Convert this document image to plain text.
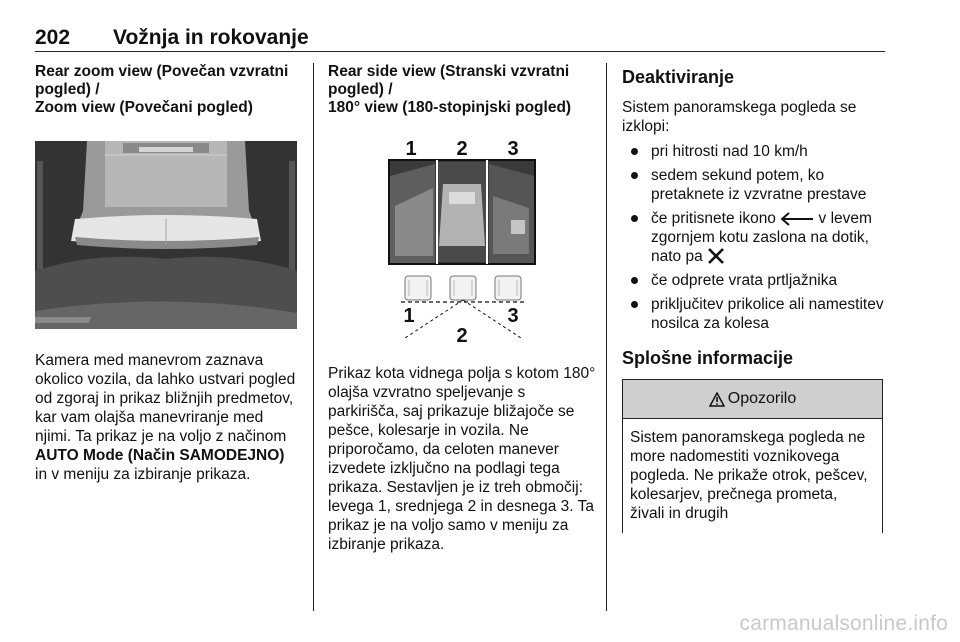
202 Vožnja in rokovanje

Rear zoom view (Povečan vzvratni pogled) /
Zoom view (Povečani pogled)

Kamera med manevrom zaznava okolico vozila, da lahko ustvari pogled od zgoraj in prikaz bližnjih predmetov, kar vam olajša manevriranje med njimi. Ta prikaz je na voljo z načinom AUTO Mode (Način SAMODEJNO) in v meniju za izbiranje prikaza.

Rear side view (Stranski vzvratni pogled) /
180° view (180-stopinjski pogled)

1 2 3
1
2
3

Prikaz kota vidnega polja s kotom 180° olajša vzvratno speljevanje s parkirišča, saj prikazuje bližajoče se pešce, kolesarje in vozila. Ne priporočamo, da celoten manever izvedete izključno na podlagi tega prikaza. Sestavljen je iz treh območij: levega 1, srednjega 2 in desnega 3. Ta prikaz je na voljo samo v meniju za izbiranje prikaza.

Deaktiviranje

Sistem panoramskega pogleda se izklopi:

pri hitrosti nad 10 km/h
sedem sekund potem, ko pretaknete iz vzvratne prestave
če pritisnete ikono  v levem zgornjem kotu zaslona na dotik, nato pa
če odprete vrata prtljažnika
priključitev prikolice ali namestitev nosilca za kolesa

Splošne informacije

Opozorilo
Sistem panoramskega pogleda ne more nadomestiti voznikovega pogleda. Ne prikaže otrok, pešcev, kolesarjev, prečnega prometa, živali in drugih
carmanualsonline.info
